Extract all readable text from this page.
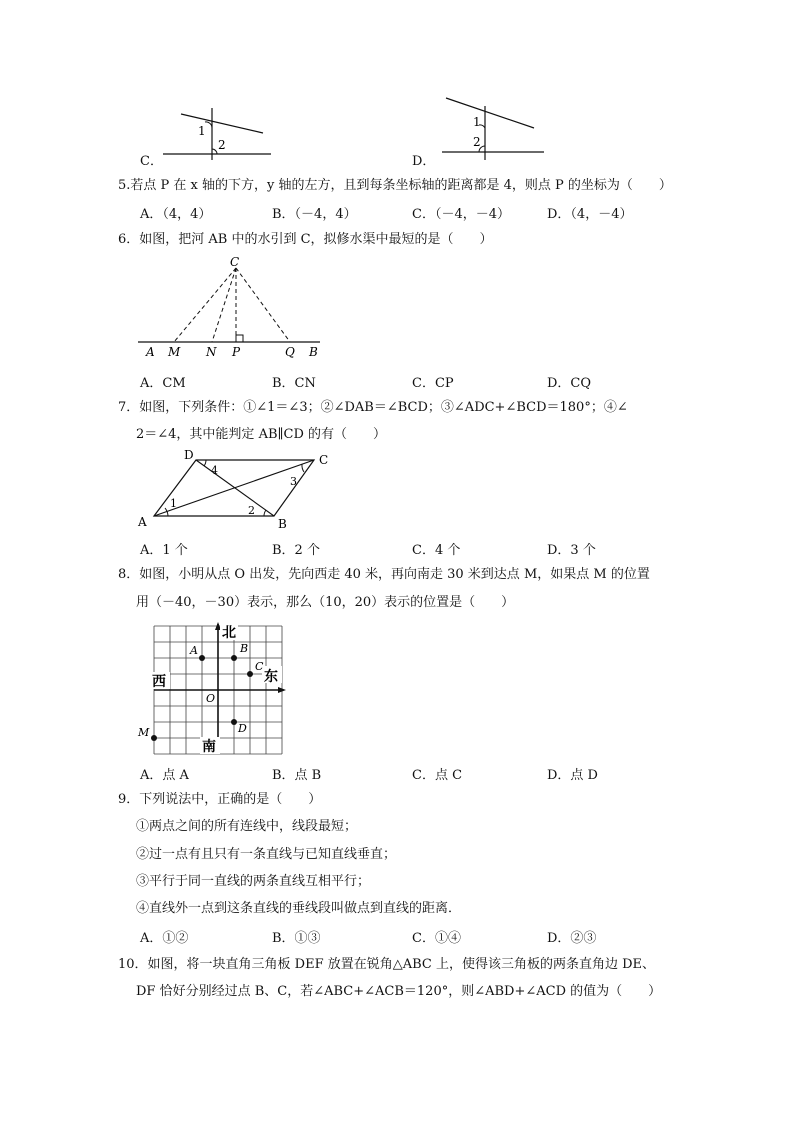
C．
1
2
D．
1
2
5.若点 P 在 x 轴的下方，y 轴的左方，且到每条坐标轴的距离都是 4，则点 P 的坐标为（　　）
A．（4，4）	B．（－4，4）	C．（－4，－4）	D．（4，－4）
6．如图，把河 AB 中的水引到 C，拟修水渠中最短的是（　　）
C
A M N P	Q B
A．CM	B．CN	C．CP	D．CQ
7．如图，下列条件：①∠1＝∠3；②∠DAB＝∠BCD；③∠ADC+∠BCD＝180°；④∠
2＝∠4，其中能判定 AB∥CD 的有（　　）
D	C
A	B
1
2
3
4
A．1 个	B．2 个	C．4 个	D．3 个
8．如图，小明从点 O 出发，先向西走 40 米，再向南走 30 米到达点 M，如果点 M 的位置
用（－40，－30）表示，那么（10，20）表示的位置是（　　）
北
西	东
南
A	B
C
D
O
M
A．点 A	B．点 B	C．点 C	D．点 D
9．下列说法中，正确的是（　　）
①两点之间的所有连线中，线段最短；
②过一点有且只有一条直线与已知直线垂直；
③平行于同一直线的两条直线互相平行；
④直线外一点到这条直线的垂线段叫做点到直线的距离．
A．①②	B．①③	C．①④	D．②③
10．如图，将一块直角三角板 DEF 放置在锐角△ABC 上，使得该三角板的两条直角边 DE、
DF 恰好分别经过点 B、C，若∠ABC+∠ACB＝120°，则∠ABD+∠ACD 的值为（　　）
